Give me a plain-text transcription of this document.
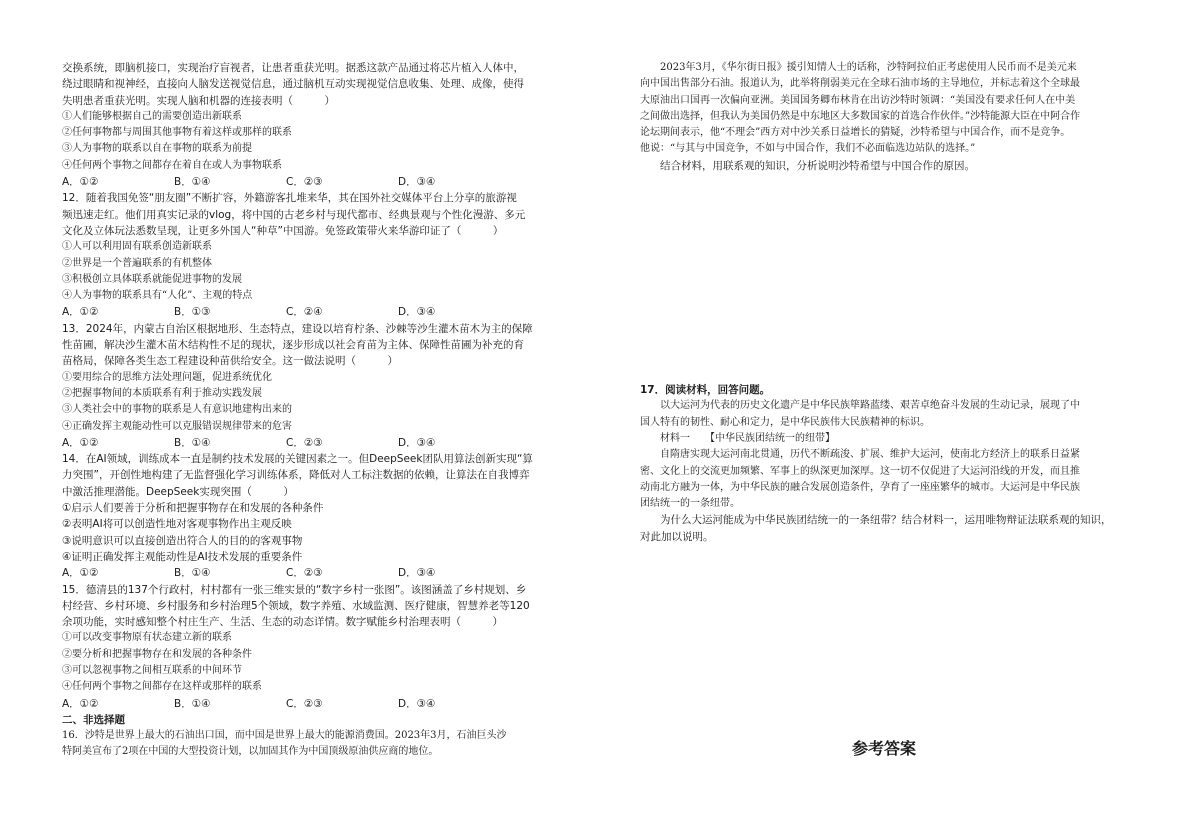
交换系统，即脑机接口，实现治疗盲视者，让患者重获光明。据悉这款产品通过将芯片植入人体中，

绕过眼睛和视神经，直接向人脑发送视觉信息，通过脑机互动实现视觉信息收集、处理、成像，使得

失明患者重获光明。实现人脑和机器的连接表明（　　　）

①人们能够根据自己的需要创造出新联系

②任何事物都与周围其他事物有着这样或那样的联系

③人为事物的联系以自在事物的联系为前提

④任何两个事物之间都存在着自在或人为事物联系

A．①②	B．①④	C．②③	D．③④

12．随着我国免签“朋友圈”不断扩容，外籍游客扎堆来华，其在国外社交媒体平台上分享的旅游视

频迅速走红。他们用真实记录的vlog，将中国的古老乡村与现代都市、经典景观与个性化漫游、多元

文化及立体玩法悉数呈现，让更多外国人“种草”中国游。免签政策带火来华游印证了（　　　）

①人可以利用固有联系创造新联系

②世界是一个普遍联系的有机整体

③积极创立具体联系就能促进事物的发展

④人为事物的联系具有“人化”、主观的特点

A．①②	B．①③	C．②④	D．③④

13．2024年，内蒙古自治区根据地形、生态特点，建设以培育柠条、沙棘等沙生灌木苗木为主的保障

性苗圃，解决沙生灌木苗木结构性不足的现状，逐步形成以社会育苗为主体、保障性苗圃为补充的育

苗格局，保障各类生态工程建设种苗供给安全。这一做法说明（　　　）

①要用综合的思维方法处理问题，促进系统优化

②把握事物间的本质联系有利于推动实践发展

③人类社会中的事物的联系是人有意识地建构出来的

④正确发挥主观能动性可以克服错误规律带来的危害

A．①②	B．①④	C．②③	D．③④

14．在AI领域，训练成本一直是制约技术发展的关键因素之一。但DeepSeek团队用算法创新实现“算

力突围”，开创性地构建了无监督强化学习训练体系，降低对人工标注数据的依赖，让算法在自我博弈

中激活推理潜能。DeepSeek实现突围（　　　）

①启示人们要善于分析和把握事物存在和发展的各种条件

②表明AI将可以创造性地对客观事物作出主观反映

③说明意识可以直接创造出符合人的目的的客观事物

④证明正确发挥主观能动性是AI技术发展的重要条件

A．①②	B．①④	C．②③	D．③④

15．德清县的137个行政村，村村都有一张三维实景的“数字乡村一张图”。该图涵盖了乡村规划、乡

村经营、乡村环境、乡村服务和乡村治理5个领域，数字养殖、水域监测、医疗健康，智慧养老等120

余项功能，实时感知整个村庄生产、生活、生态的动态详情。数字赋能乡村治理表明（　　　）

①可以改变事物原有状态建立新的联系

②要分析和把握事物存在和发展的各种条件

③可以忽视事物之间相互联系的中间环节

④任何两个事物之间都存在这样或那样的联系

A．①②	B．①④	C．②③	D．③④

二、非选择题

16．沙特是世界上最大的石油出口国，而中国是世界上最大的能源消费国。2023年3月，石油巨头沙

特阿美宣布了2项在中国的大型投资计划，以加固其作为中国顶级原油供应商的地位。

2023年3月，《华尔街日报》援引知情人士的话称，沙特阿拉伯正考虑使用人民币而不是美元来

向中国出售部分石油。报道认为，此举将削弱美元在全球石油市场的主导地位，并标志着这个全球最

大原油出口国再一次偏向亚洲。美国国务卿布林肯在出访沙特时领调：“美国没有要求任何人在中美

之间做出选择，但我认为美国仍然是中东地区大多数国家的首选合作伙伴。”沙特能源大臣在中阿合作

论坛期间表示，他“不理会”西方对中沙关系日益增长的猜疑，沙特希望与中国合作，而不是竞争。

他说：“与其与中国竞争，不如与中国合作，我们不必面临选边站队的选择。”

结合材料，用联系观的知识，分析说明沙特希望与中国合作的原因。

17．阅读材料，回答问题。

以大运河为代表的历史文化遗产是中华民族筚路蓝缕、艰苦卓绝奋斗发展的生动记录，展现了中

国人特有的韧性、耐心和定力，是中华民族伟大民族精神的标识。

材料一　　【中华民族团结统一的纽带】

自隋唐实现大运河南北贯通，历代不断疏浚、扩展、维护大运河，使南北方经济上的联系日益紧

密、文化上的交流更加频繁、军事上的纵深更加深厚。这一切不仅促进了大运河沿线的开发，而且推

动南北方融为一体，为中华民族的融合发展创造条件，孕育了一座座繁华的城市。大运河是中华民族

团结统一的一条纽带。

为什么大运河能成为中华民族团结统一的一条纽带？结合材料一，运用唯物辩证法联系观的知识，

对此加以说明。

参考答案
